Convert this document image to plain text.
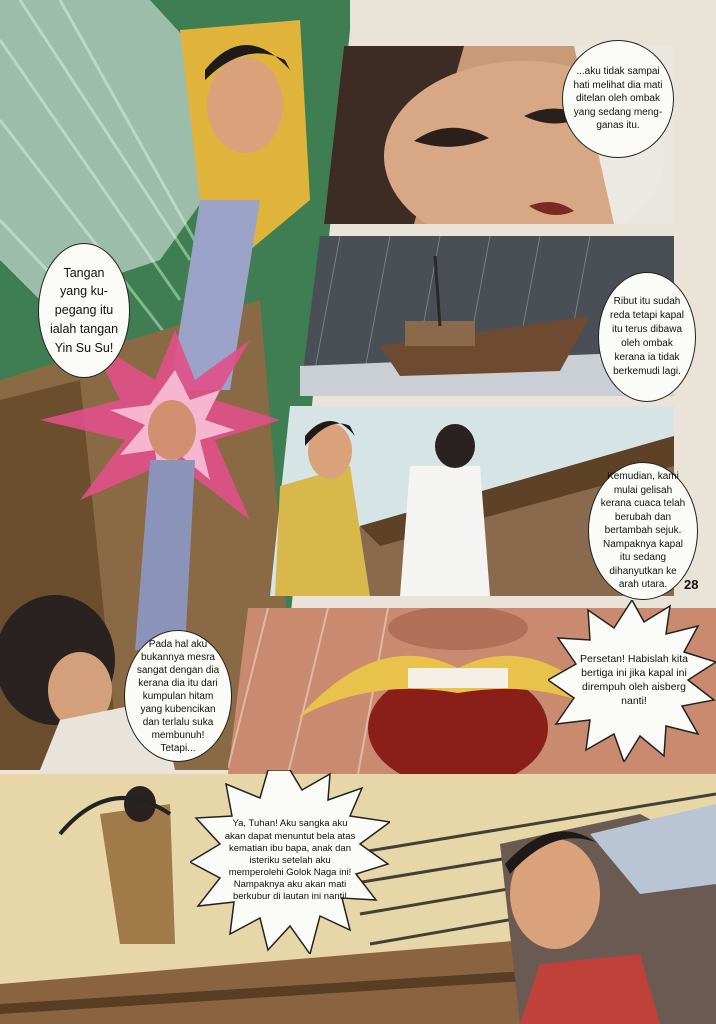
Tangan yang ku-pegang itu ialah tangan Yin Su Su!
...aku tidak sampai hati melihat dia mati ditelan oleh ombak yang sedang meng-ganas itu.
Ribut itu sudah reda tetapi kapal itu terus dibawa oleh ombak kerana ia tidak berkemudi lagi.
Kemudian, kami mulai gelisah kerana cuaca telah berubah dan bertambah sejuk. Nampaknya kapal itu sedang dihanyutkan ke arah utara.
Pada hal aku bukannya mesra sangat dengan dia kerana dia itu dari kumpulan hitam yang kubencikan dan terlalu suka membunuh! Tetapi...
Persetan! Habislah kita bertiga ini jika kapal ini dirempuh oleh aisberg nanti!
Ya, Tuhan! Aku sangka aku akan dapat menuntut bela atas kematian ibu bapa, anak dan isteriku setelah aku memperolehi Golok Naga ini! Nampaknya aku akan mati berkubur di lautan ini nanti!
28
